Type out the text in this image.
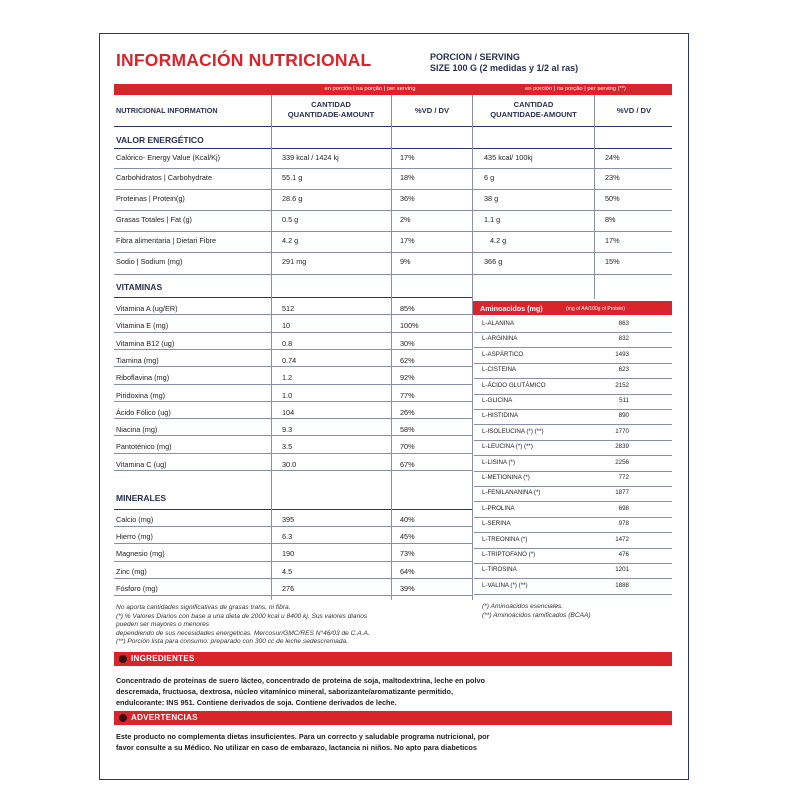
INFORMACIÓN NUTRICIONAL	PORCION / SERVING
SIZE 100 G (2 medidas y 1/2 al ras)
en porción | na porção | per serving	en porción | na porção | per serving (**)
NUTRICIONAL INFORMATION
CANTIDAD
QUANTIDADE-AMOUNT	%VD / DV
CANTIDAD
QUANTIDADE-AMOUNT	%VD / DV
VALOR ENERGÉTICO
VITAMINAS
MINERALES
Calórico- Energy Value (Kcal/Kj)	339 kcal / 1424 kj	17%	435 kcal/ 100kj	24%
Carbohidratos | Carbohydrate	55.1 g	18%	6 g	23%
Proteinas | Protein(g)	28.6 g	36%	38 g	50%
Grasas Totales | Fat (g)	0.5 g	2%	1.1 g	8%
Fibra alimentaria | Dietari Fibre	4.2 g	17%	4.2 g	17%
Sodio | Sodium (mg)	291 mg	9%	366 g	15%
Vitamina A (ug/ER)	512	85%
Vitamina E (mg)	10	100%
Vitamina B12 (ug)	0.8	30%
Tiamina (mg)	0.74	62%
Riboflavina (mg)	1.2	92%
Piridoxina (mg)	1.0	77%
Ácido Fólico (ug)	104	26%
Niacina (mg)	9.3	58%
Pantoténico (mg)	3.5	70%
Vitamina C (ug)	30.0	67%
Calcio (mg)	395	40%
Hierro (mg)	6.3	45%
Magnesio (mg)	190	73%
Zinc (mg)	4.5	64%
Fósforo (mg)	276	39%
Aminoacidos (mg)	(mg of AA/100g of Protein)
L-ALANINA	863
L-ARGININA	832
L-ASPÁRTICO	1493
L-CISTEINA	623
L-ÁCIDO GLUTÁMICO	2152
L-GLICINA	511
L-HISTIDINA	890
L-ISOLEUCINA (*) (**)	1770
L-LEUCINA (*) (**)	2839
L-LISINA (*)	2256
L-METIONINA (*)	772
L-FENILANANINA (*)	1877
L-PROLINA	698
L-SERINA	978
L-TREONINA (*)	1472
L-TRIPTOFANO (*)	476
L-TIROSINA	1201
L-VALINA (*) (**)	1888
(*) Aminoácidos esenciales.
(**) Aminoácidos ramificados (BCAA)
No aporta cantidades significativas de grasas trans, ni fibra.
(*) % Valores Diarios con base a una dieta de 2000 kcal u 8400 kj. Sus valores diarios
pueden ser mayores o menores
dependiendo de sus necesidades energeticas. Mercosur/GMC/RES N°46/03 de C.A.A.
(**) Porción lista para consumo: preparado con 300 cc de leche sedescremada.
INGREDIENTES
Concentrado de proteinas de suero lácteo, concentrado de proteina de soja, maltodextrina, leche en polvo
descremada, fructuosa, dextrosa, núcleo vitamínico mineral, saborizante/aromatizante permitido,
endulcorante: INS 951. Contiene derivados de soja. Contiene derivados de leche.
ADVERTENCIAS
Este producto no complementa dietas insuficientes. Para un correcto y saludable programa nutricional, por
favor consulte a su Médico. No utilizar en caso de embarazo, lactancia ni niños. No apto para diabeticos
